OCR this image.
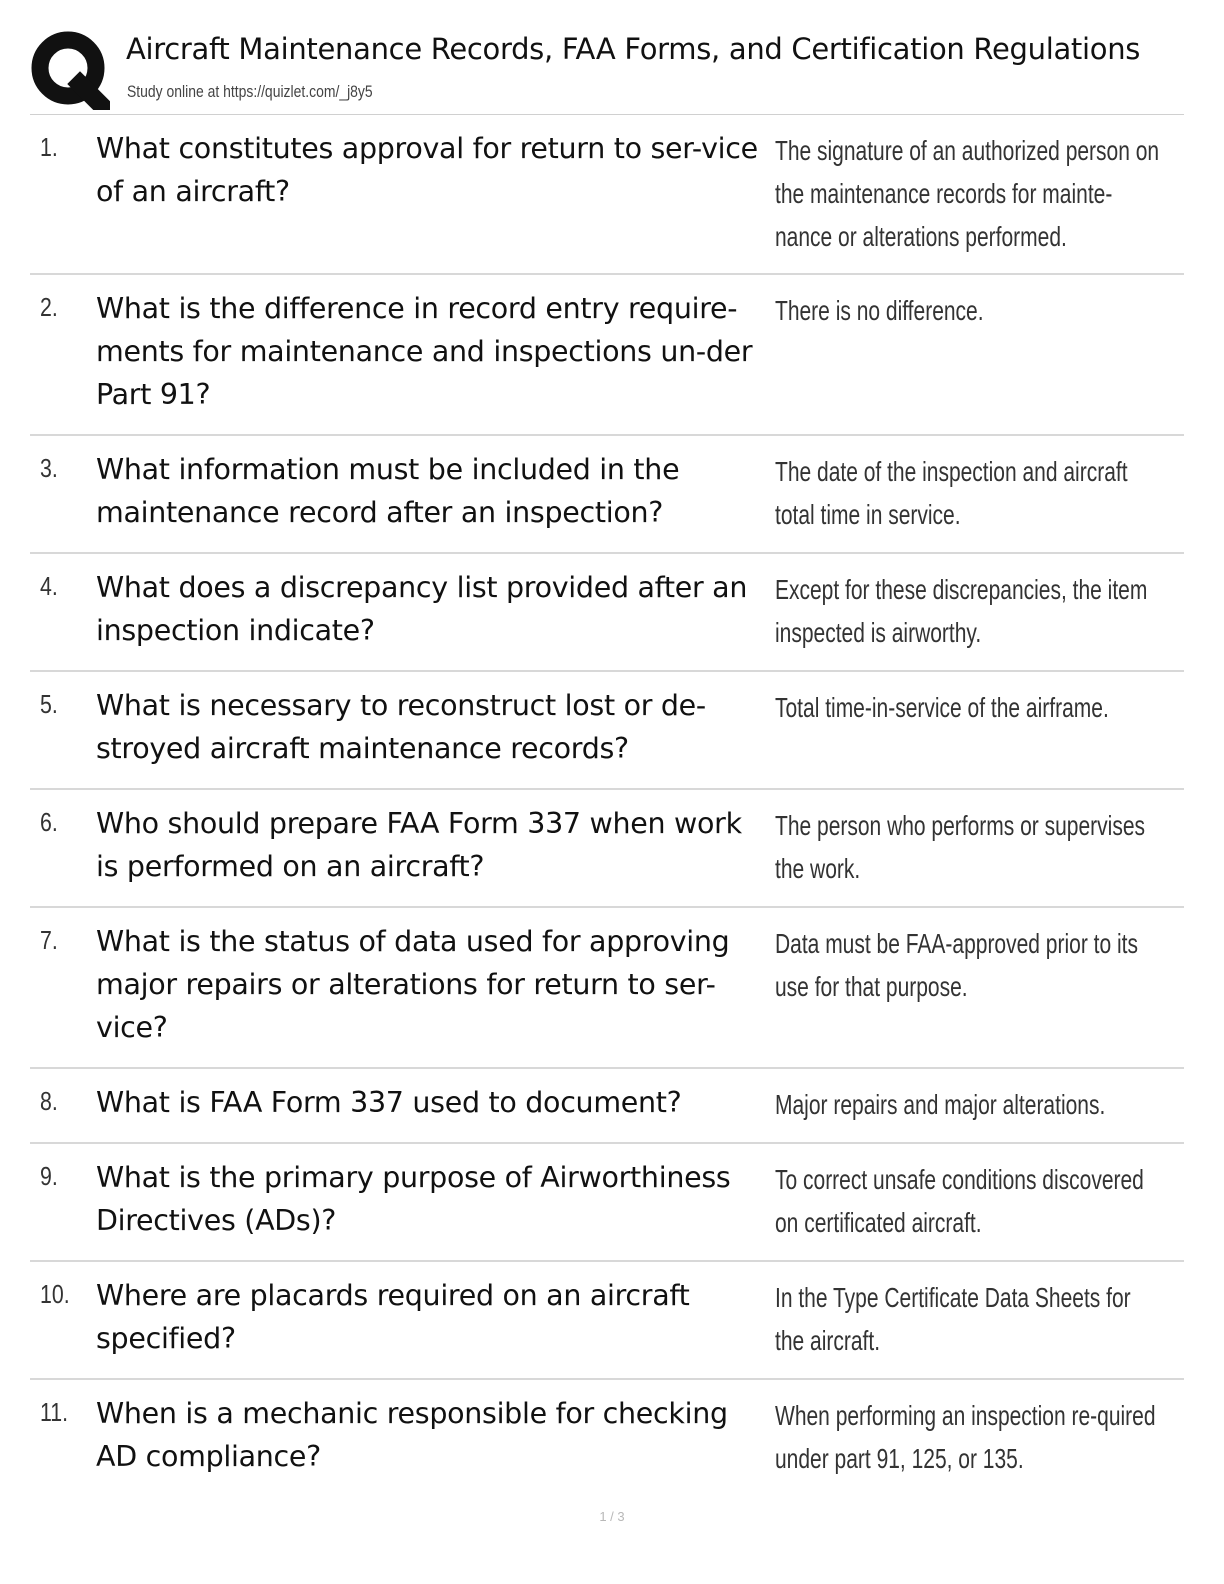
Aircraft Maintenance Records, FAA Forms, and Certification Regulations
Study online at https://quizlet.com/_j8y5
1. What constitutes approval for return to ser-vice of an aircraft?
The signature of an authorized person on the maintenance records for mainte-nance or alterations performed.
2. What is the difference in record entry require-ments for maintenance and inspections un-der Part 91?
There is no difference.
3. What information must be included in the maintenance record after an inspection?
The date of the inspection and aircraft total time in service.
4. What does a discrepancy list provided after an inspection indicate?
Except for these discrepancies, the item inspected is airworthy.
5. What is necessary to reconstruct lost or de-stroyed aircraft maintenance records?
Total time-in-service of the airframe.
6. Who should prepare FAA Form 337 when work is performed on an aircraft?
The person who performs or supervises the work.
7. What is the status of data used for approving major repairs or alterations for return to ser-vice?
Data must be FAA-approved prior to its use for that purpose.
8. What is FAA Form 337 used to document?	Major repairs and major alterations.
9. What is the primary purpose of Airworthiness Directives (ADs)?
To correct unsafe conditions discovered on certificated aircraft.
10. Where are placards required on an aircraft specified?
In the Type Certificate Data Sheets for the aircraft.
11. When is a mechanic responsible for checking AD compliance?
When performing an inspection re-quired under part 91, 125, or 135.
1 / 3
